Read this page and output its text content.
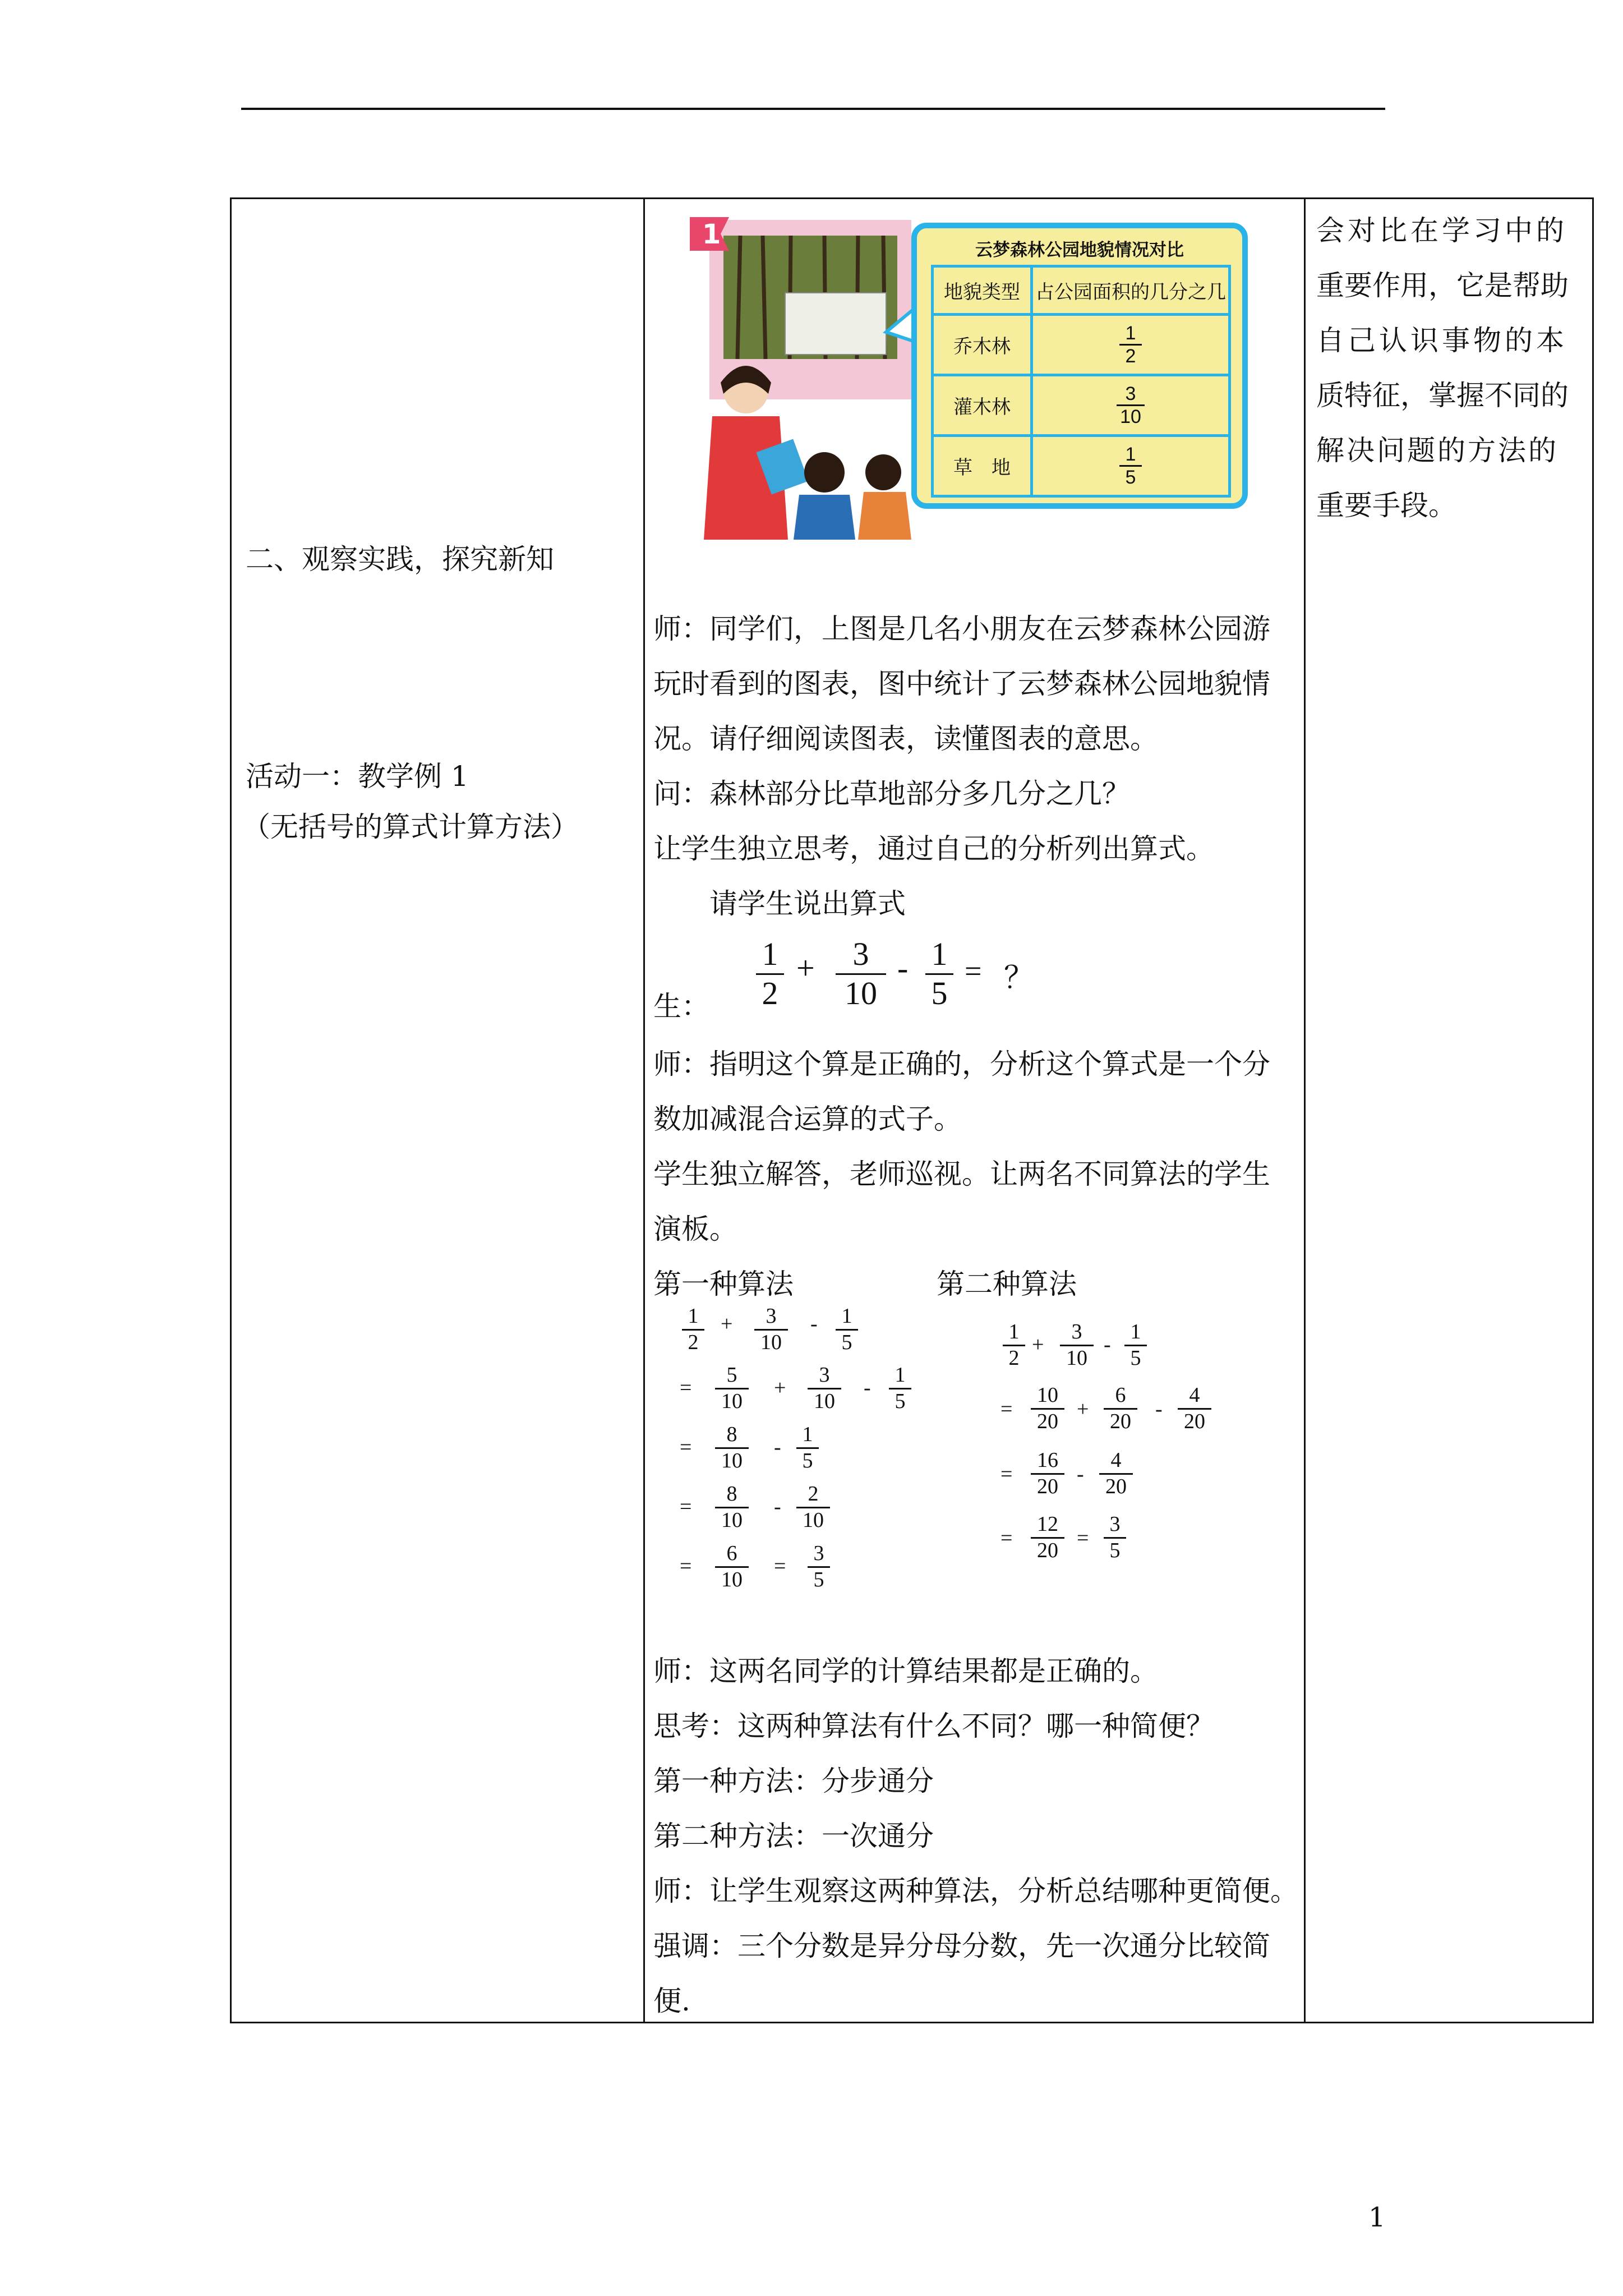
二、观察实践，探究新知
活动一：教学例 1
（无括号的算式计算方法）
会对比在学习中的
重要作用，它是帮助
自己认识事物的本
质特征，掌握不同的
解决问题的方法的
重要手段。
1	云梦森林公园地貌情况对比
地貌类型	占公园面积的几分之几
乔木林	1
2

灌木林	3
10

草　地	1
5
师：同学们，上图是几名小朋友在云梦森林公园游
玩时看到的图表，图中统计了云梦森林公园地貌情
况。请仔细阅读图表，读懂图表的意思。
问：森林部分比草地部分多几分之几？
让学生独立思考，通过自己的分析列出算式。
请学生说出算式
生：
1
2
+ 3
10
- 1
5
= ？
师：指明这个算是正确的，分析这个算式是一个分
数加减混合运算的式子。
学生独立解答，老师巡视。让两名不同算法的学生
演板。
第一种算法	第二种算法
1
2
+ 3
10
- 1
5
=
5
10
+
3
10
-
1
5
=
8
10
-
1
5
=
8
10
-
2
10
=
6
10
=
3
5
1
2
+
3
10
-
1
5
=
10
20
+
6
20
-
4
20
=
16
20
-
4
20
=
12
20
=
3
5
师：这两名同学的计算结果都是正确的。
思考：这两种算法有什么不同？哪一种简便？
第一种方法：分步通分
第二种方法：一次通分
师：让学生观察这两种算法，分析总结哪种更简便。
强调：三个分数是异分母分数，先一次通分比较简
便.
1
